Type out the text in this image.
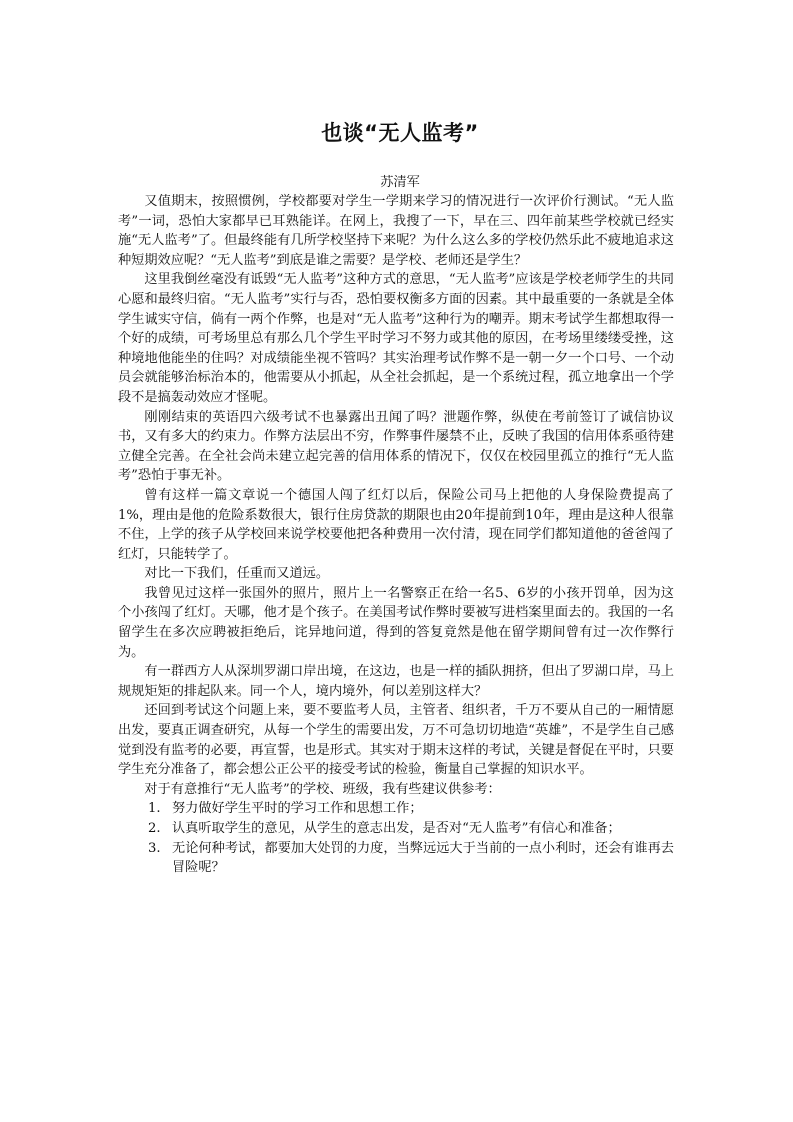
也谈“无人监考”
苏清军

又值期末，按照惯例，学校都要对学生一学期来学习的情况进行一次评价行测试。“无人监考”一词，恐怕大家都早已耳熟能详。在网上，我搜了一下，早在三、四年前某些学校就已经实施“无人监考”了。但最终能有几所学校坚持下来呢？为什么这么多的学校仍然乐此不疲地追求这种短期效应呢？“无人监考”到底是谁之需要？是学校、老师还是学生？

这里我倒丝毫没有诋毁“无人监考”这种方式的意思，“无人监考”应该是学校老师学生的共同心愿和最终归宿。“无人监考”实行与否，恐怕要权衡多方面的因素。其中最重要的一条就是全体学生诚实守信，倘有一两个作弊，也是对“无人监考”这种行为的嘲弄。期末考试学生都想取得一个好的成绩，可考场里总有那么几个学生平时学习不努力或其他的原因，在考场里缕缕受挫，这种境地他能坐的住吗？对成绩能坐视不管吗？其实治理考试作弊不是一朝一夕一个口号、一个动员会就能够治标治本的，他需要从小抓起，从全社会抓起，是一个系统过程，孤立地拿出一个学段不是搞轰动效应才怪呢。

刚刚结束的英语四六级考试不也暴露出丑闻了吗？泄题作弊，纵使在考前签订了诚信协议书，又有多大的约束力。作弊方法层出不穷，作弊事件屡禁不止，反映了我国的信用体系亟待建立健全完善。在全社会尚未建立起完善的信用体系的情况下，仅仅在校园里孤立的推行“无人监考”恐怕于事无补。

曾有这样一篇文章说一个德国人闯了红灯以后，保险公司马上把他的人身保险费提高了1%，理由是他的危险系数很大，银行住房贷款的期限也由20年提前到10年，理由是这种人很靠不住，上学的孩子从学校回来说学校要他把各种费用一次付清，现在同学们都知道他的爸爸闯了红灯，只能转学了。

对比一下我们，任重而又道远。

我曾见过这样一张国外的照片，照片上一名警察正在给一名5、6岁的小孩开罚单，因为这个小孩闯了红灯。天哪，他才是个孩子。在美国考试作弊时要被写进档案里面去的。我国的一名留学生在多次应聘被拒绝后，诧异地问道，得到的答复竟然是他在留学期间曾有过一次作弊行为。

有一群西方人从深圳罗湖口岸出境，在这边，也是一样的插队拥挤，但出了罗湖口岸，马上规规矩矩的排起队来。同一个人，境内境外，何以差别这样大？

还回到考试这个问题上来，要不要监考人员，主管者、组织者，千万不要从自己的一厢情愿出发，要真正调查研究，从每一个学生的需要出发，万不可急切切地造“英雄”，不是学生自己感觉到没有监考的必要，再宣誓，也是形式。其实对于期末这样的考试，关键是督促在平时，只要学生充分准备了，都会想公正公平的接受考试的检验，衡量自己掌握的知识水平。

对于有意推行“无人监考”的学校、班级，我有些建议供参考：

1. 努力做好学生平时的学习工作和思想工作；
2. 认真听取学生的意见，从学生的意志出发，是否对“无人监考”有信心和准备；
3. 无论何种考试，都要加大处罚的力度，当弊远远大于当前的一点小利时，还会有谁再去冒险呢？
